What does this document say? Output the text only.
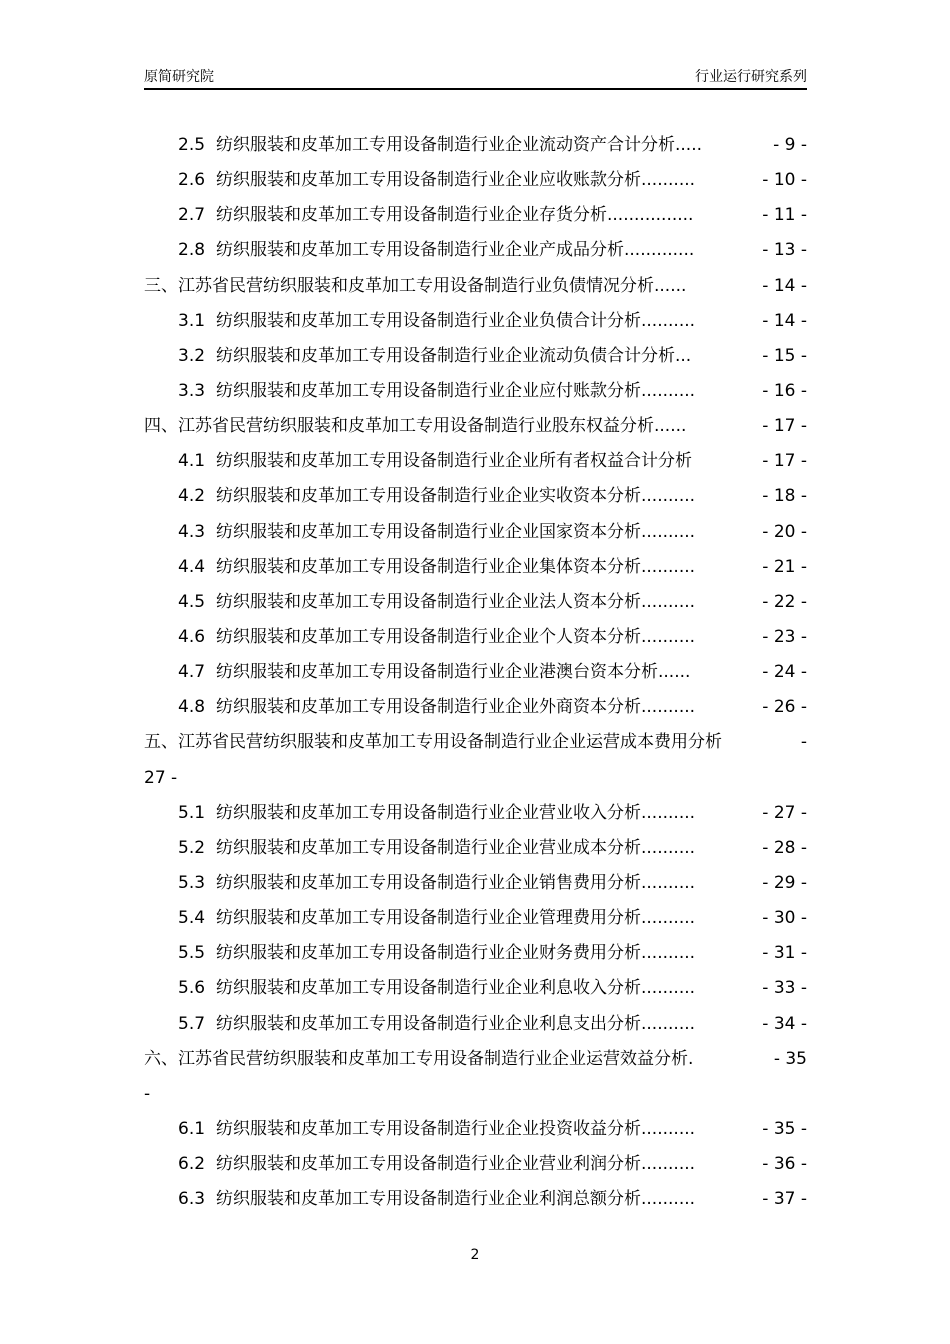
原简研究院	行业运行研究系列
2.5 纺织服装和皮革加工专用设备制造行业企业流动资产合计分析.....	- 9 -
2.6 纺织服装和皮革加工专用设备制造行业企业应收账款分析..........	- 10 -
2.7 纺织服装和皮革加工专用设备制造行业企业存货分析................	- 11 -
2.8 纺织服装和皮革加工专用设备制造行业企业产成品分析.............	- 13 -
三、江苏省民营纺织服装和皮革加工专用设备制造行业负债情况分析......	- 14 -
3.1 纺织服装和皮革加工专用设备制造行业企业负债合计分析..........	- 14 -
3.2 纺织服装和皮革加工专用设备制造行业企业流动负债合计分析...	- 15 -
3.3 纺织服装和皮革加工专用设备制造行业企业应付账款分析..........	- 16 -
四、江苏省民营纺织服装和皮革加工专用设备制造行业股东权益分析......	- 17 -
4.1 纺织服装和皮革加工专用设备制造行业企业所有者权益合计分析	- 17 -
4.2 纺织服装和皮革加工专用设备制造行业企业实收资本分析..........	- 18 -
4.3 纺织服装和皮革加工专用设备制造行业企业国家资本分析..........	- 20 -
4.4 纺织服装和皮革加工专用设备制造行业企业集体资本分析..........	- 21 -
4.5 纺织服装和皮革加工专用设备制造行业企业法人资本分析..........	- 22 -
4.6 纺织服装和皮革加工专用设备制造行业企业个人资本分析..........	- 23 -
4.7 纺织服装和皮革加工专用设备制造行业企业港澳台资本分析......	- 24 -
4.8 纺织服装和皮革加工专用设备制造行业企业外商资本分析..........	- 26 -
五、江苏省民营纺织服装和皮革加工专用设备制造行业企业运营成本费用分析	-
27 -
5.1 纺织服装和皮革加工专用设备制造行业企业营业收入分析..........	- 27 -
5.2 纺织服装和皮革加工专用设备制造行业企业营业成本分析..........	- 28 -
5.3 纺织服装和皮革加工专用设备制造行业企业销售费用分析..........	- 29 -
5.4 纺织服装和皮革加工专用设备制造行业企业管理费用分析..........	- 30 -
5.5 纺织服装和皮革加工专用设备制造行业企业财务费用分析..........	- 31 -
5.6 纺织服装和皮革加工专用设备制造行业企业利息收入分析..........	- 33 -
5.7 纺织服装和皮革加工专用设备制造行业企业利息支出分析..........	- 34 -
六、江苏省民营纺织服装和皮革加工专用设备制造行业企业运营效益分析.	- 35
-
6.1 纺织服装和皮革加工专用设备制造行业企业投资收益分析..........	- 35 -
6.2 纺织服装和皮革加工专用设备制造行业企业营业利润分析..........	- 36 -
6.3 纺织服装和皮革加工专用设备制造行业企业利润总额分析..........	- 37 -
2
